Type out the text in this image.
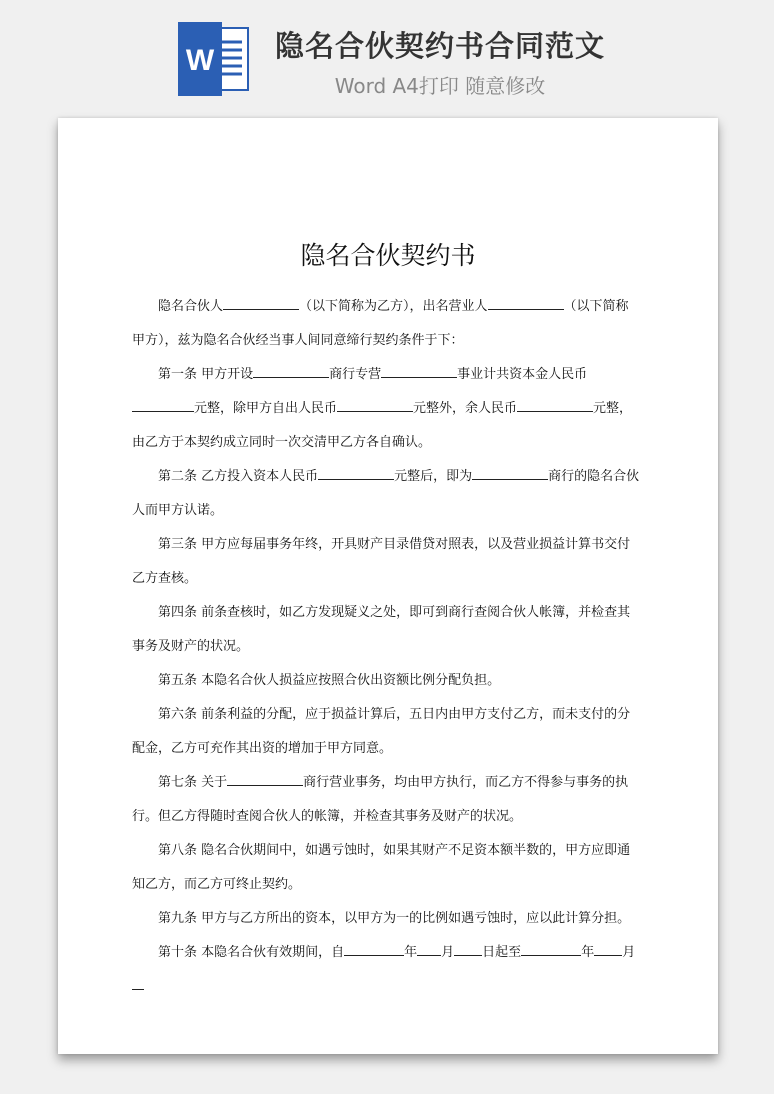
W 隐名合伙契约书合同范文
Word A4打印 随意修改
隐名合伙契约书

隐名合伙人	（以下简称为乙方），出名营业人	（以下简称甲方），兹为隐名合伙经当事人间同意缔行契约条件于下：

第一条 甲方开设	商行专营	事业计共资本金人民币元整，除甲方自出人民币	元整外，余人民币	元整，由乙方于本契约成立同时一次交清甲乙方各自确认。

第二条 乙方投入资本人民币	元整后，即为	商行的隐名合伙人而甲方认诺。

第三条 甲方应每届事务年终，开具财产目录借贷对照表，以及营业损益计算书交付乙方查核。

第四条 前条查核时，如乙方发现疑义之处，即可到商行查阅合伙人帐簿，并检查其事务及财产的状况。

第五条 本隐名合伙人损益应按照合伙出资额比例分配负担。

第六条 前条利益的分配，应于损益计算后，五日内由甲方支付乙方，而未支付的分配金，乙方可充作其出资的增加于甲方同意。

第七条 关于	商行营业事务，均由甲方执行，而乙方不得参与事务的执行。但乙方得随时查阅合伙人的帐簿，并检查其事务及财产的状况。

第八条 隐名合伙期间中，如遇亏蚀时，如果其财产不足资本额半数的，甲方应即通知乙方，而乙方可终止契约。

第九条 甲方与乙方所出的资本，以甲方为一的比例如遇亏蚀时，应以此计算分担。

第十条 本隐名合伙有效期间，自	年 月 日起至	年 月
